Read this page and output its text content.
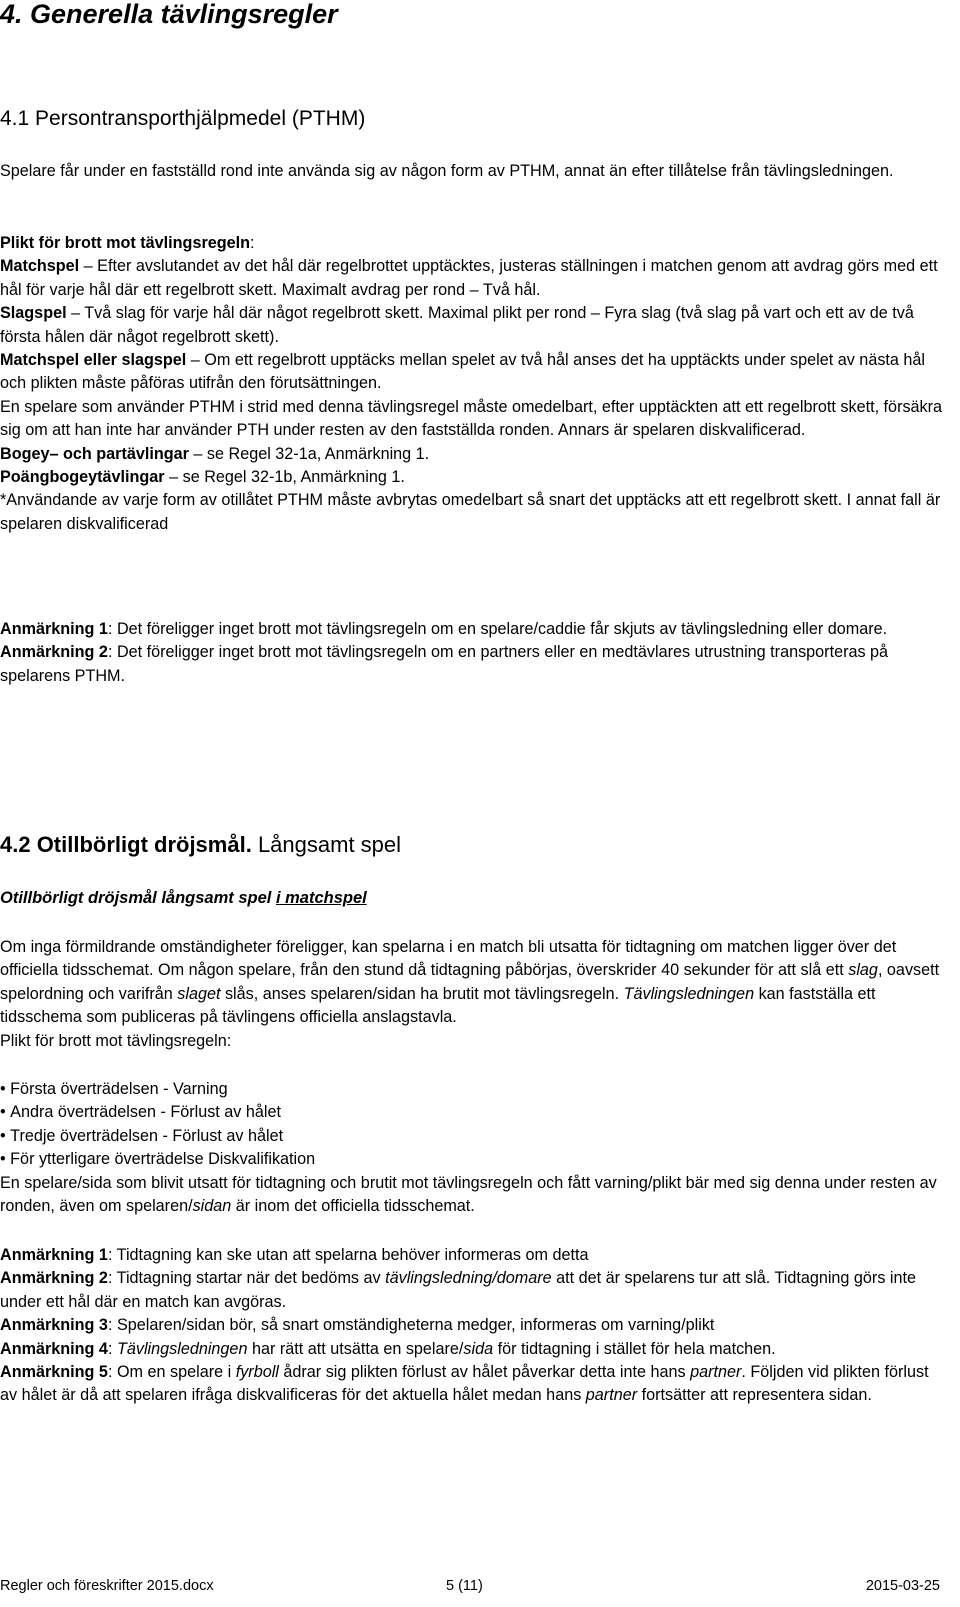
4. Generella tävlingsregler
4.1 Persontransporthjälpmedel (PTHM)

Spelare får under en fastställd rond inte använda sig av någon form av PTHM, annat än efter tillåtelse från tävlingsledningen.

Plikt för brott mot tävlingsregeln:
Matchspel – Efter avslutandet av det hål där regelbrottet upptäcktes, justeras ställningen i matchen genom att avdrag görs med ett hål för varje hål där ett regelbrott skett. Maximalt avdrag per rond – Två hål.
Slagspel – Två slag för varje hål där något regelbrott skett. Maximal plikt per rond – Fyra slag (två slag på vart och ett av de två första hålen där något regelbrott skett).
Matchspel eller slagspel – Om ett regelbrott upptäcks mellan spelet av två hål anses det ha upptäckts under spelet av nästa hål och plikten måste påföras utifrån den förutsättningen.
En spelare som använder PTHM i strid med denna tävlingsregel måste omedelbart, efter upptäckten att ett regelbrott skett, försäkra sig om att han inte har använder PTH under resten av den fastställda ronden. Annars är spelaren diskvalificerad.
Bogey– och partävlingar – se Regel 32-1a, Anmärkning 1.
Poängbogeytävlingar – se Regel 32-1b, Anmärkning 1.
*Användande av varje form av otillåtet PTHM måste avbrytas omedelbart så snart det upptäcks att ett regelbrott skett. I annat fall är spelaren diskvalificerad

Anmärkning 1: Det föreligger inget brott mot tävlingsregeln om en spelare/caddie får skjuts av tävlingsledning eller domare.
Anmärkning 2: Det föreligger inget brott mot tävlingsregeln om en partners eller en medtävlares utrustning transporteras på spelarens PTHM.

4.2 Otillbörligt dröjsmål. Långsamt spel
Otillbörligt dröjsmål långsamt spel i matchspel

Om inga förmildrande omständigheter föreligger, kan spelarna i en match bli utsatta för tidtagning om matchen ligger över det officiella tidsschemat. Om någon spelare, från den stund då tidtagning påbörjas, överskrider 40 sekunder för att slå ett slag, oavsett spelordning och varifrån slaget slås, anses spelaren/sidan ha brutit mot tävlingsregeln. Tävlingsledningen kan fastställa ett tidsschema som publiceras på tävlingens officiella anslagstavla.
Plikt för brott mot tävlingsregeln:

• Första överträdelsen - Varning
• Andra överträdelsen - Förlust av hålet
• Tredje överträdelsen - Förlust av hålet
• För ytterligare överträdelse Diskvalifikation

En spelare/sida som blivit utsatt för tidtagning och brutit mot tävlingsregeln och fått varning/plikt bär med sig denna under resten av ronden, även om spelaren/sidan är inom det officiella tidsschemat.

Anmärkning 1: Tidtagning kan ske utan att spelarna behöver informeras om detta
Anmärkning 2: Tidtagning startar när det bedöms av tävlingsledning/domare att det är spelarens tur att slå. Tidtagning görs inte under ett hål där en match kan avgöras.
Anmärkning 3: Spelaren/sidan bör, så snart omständigheterna medger, informeras om varning/plikt
Anmärkning 4: Tävlingsledningen har rätt att utsätta en spelare/sida för tidtagning i stället för hela matchen.
Anmärkning 5: Om en spelare i fyrboll ådrar sig plikten förlust av hålet påverkar detta inte hans partner. Följden vid plikten förlust av hålet är då att spelaren ifråga diskvalificeras för det aktuella hålet medan hans partner fortsätter att representera sidan.

Regler och föreskrifter 2015.docx	5 (11)	2015-03-25
